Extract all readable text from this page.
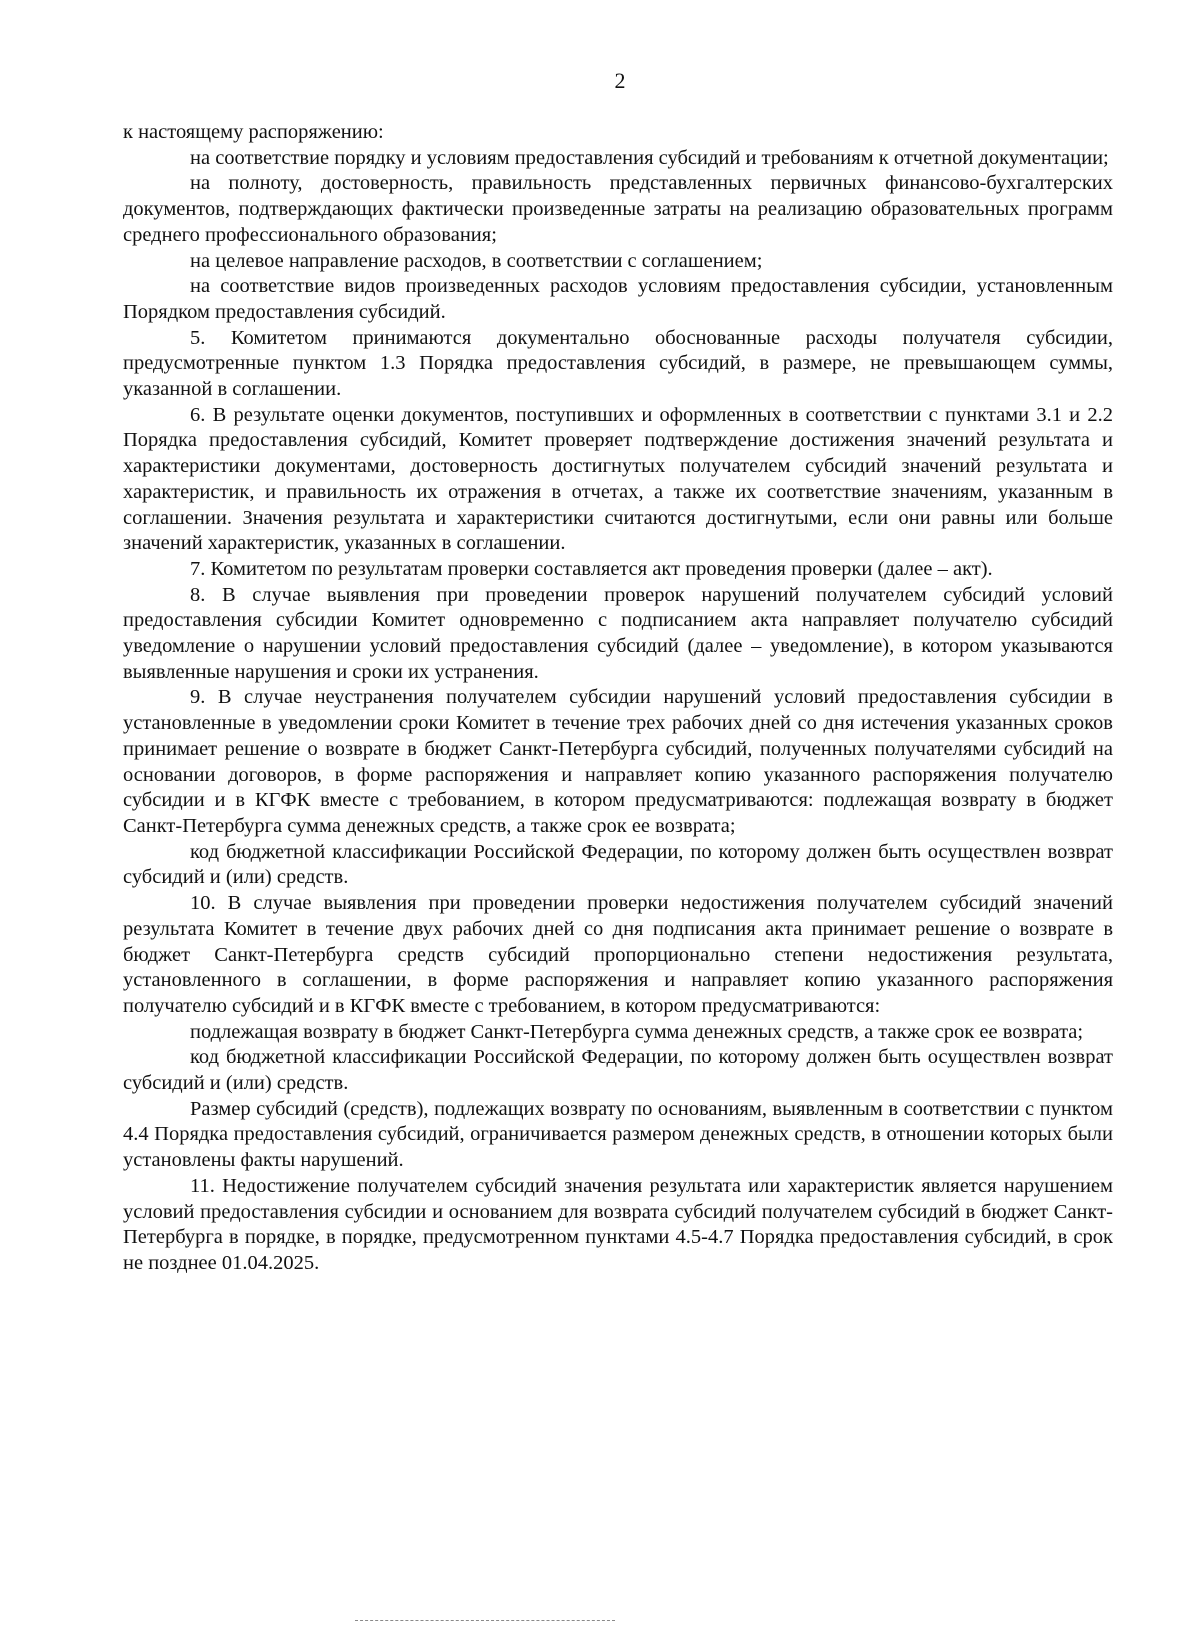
2

к настоящему распоряжению:

на соответствие порядку и условиям предоставления субсидий и требованиям к отчетной документации;

на полноту, достоверность, правильность представленных первичных финансово-бухгалтерских документов, подтверждающих фактически произведенные затраты на реализацию образовательных программ среднего профессионального образования;

на целевое направление расходов, в соответствии с соглашением;

на соответствие видов произведенных расходов условиям предоставления субсидии, установленным Порядком предоставления субсидий.

5. Комитетом принимаются документально обоснованные расходы получателя субсидии, предусмотренные пунктом 1.3 Порядка предоставления субсидий, в размере, не превышающем суммы, указанной в соглашении.

6. В результате оценки документов, поступивших и оформленных в соответствии с пунктами 3.1 и 2.2 Порядка предоставления субсидий, Комитет проверяет подтверждение достижения значений результата и характеристики документами, достоверность достигнутых получателем субсидий значений результата и характеристик, и правильность их отражения в отчетах, а также их соответствие значениям, указанным в соглашении. Значения результата и характеристики считаются достигнутыми, если они равны или больше значений характеристик, указанных в соглашении.

7. Комитетом по результатам проверки составляется акт проведения проверки (далее – акт).

8. В случае выявления при проведении проверок нарушений получателем субсидий условий предоставления субсидии Комитет одновременно с подписанием акта направляет получателю субсидий уведомление о нарушении условий предоставления субсидий (далее – уведомление), в котором указываются выявленные нарушения и сроки их устранения.

9. В случае неустранения получателем субсидии нарушений условий предоставления субсидии в установленные в уведомлении сроки Комитет в течение трех рабочих дней со дня истечения указанных сроков принимает решение о возврате в бюджет Санкт-Петербурга субсидий, полученных получателями субсидий на основании договоров, в форме распоряжения и направляет копию указанного распоряжения получателю субсидии и в КГФК вместе с требованием, в котором предусматриваются: подлежащая возврату в бюджет Санкт-Петербурга сумма денежных средств, а также срок ее возврата;

код бюджетной классификации Российской Федерации, по которому должен быть осуществлен возврат субсидий и (или) средств.

10. В случае выявления при проведении проверки недостижения получателем субсидий значений результата Комитет в течение двух рабочих дней со дня подписания акта принимает решение о возврате в бюджет Санкт-Петербурга средств субсидий пропорционально степени недостижения результата, установленного в соглашении, в форме распоряжения и направляет копию указанного распоряжения получателю субсидий и в КГФК вместе с требованием, в котором предусматриваются:

подлежащая возврату в бюджет Санкт-Петербурга сумма денежных средств, а также срок ее возврата;

код бюджетной классификации Российской Федерации, по которому должен быть осуществлен возврат субсидий и (или) средств.

Размер субсидий (средств), подлежащих возврату по основаниям, выявленным в соответствии с пунктом 4.4 Порядка предоставления субсидий, ограничивается размером денежных средств, в отношении которых были установлены факты нарушений.

11. Недостижение получателем субсидий значения результата или характеристик является нарушением условий предоставления субсидии и основанием для возврата субсидий получателем субсидий в бюджет Санкт-Петербурга в порядке, в порядке, предусмотренном пунктами 4.5-4.7 Порядка предоставления субсидий, в срок не позднее 01.04.2025.
